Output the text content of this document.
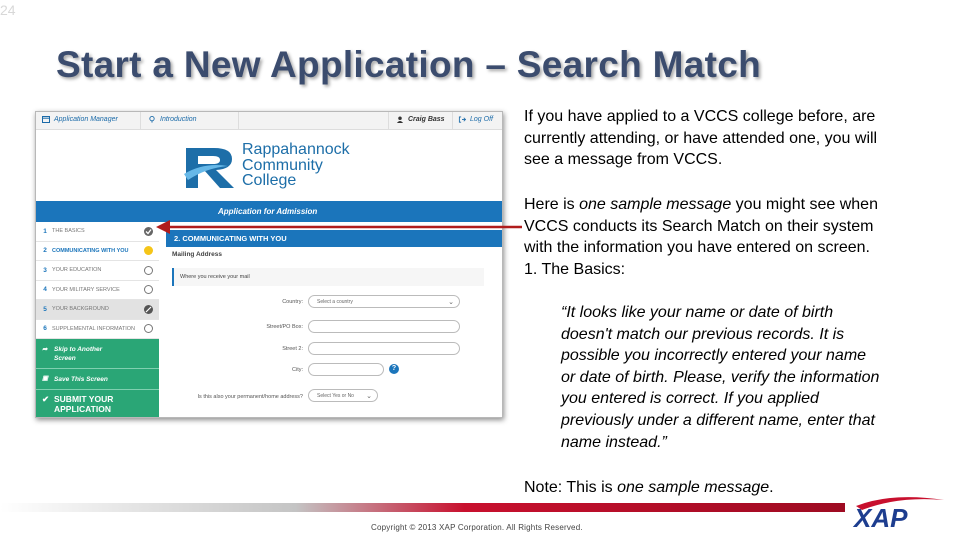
24
Start a New Application – Search Match
Application Manager	Introduction	Craig Bass	Log Off
Rappahannock
Community
College
Application for Admission
1 THE BASICS
2 COMMUNICATING WITH YOU
3 YOUR EDUCATION
4 YOUR MILITARY SERVICE
5 YOUR BACKGROUND
6 SUPPLEMENTAL INFORMATION
➦ Skip to Another
Screen
▣ Save This Screen
✔ SUBMIT YOUR
APPLICATION
2. COMMUNICATING WITH YOU
Mailing Address
Where you receive your mail
Country:	Select a country	⌄
Street/PO Box:
Street 2:
City:	?
Is this also your permanent/home address?	Select Yes or No ⌄
If you have applied to a VCCS college before, are
currently attending, or have attended one, you will
see a message from VCCS.
Here is one sample message you might see when
VCCS conducts its Search Match on their system
with the information you have entered on screen.
1. The Basics:
“It looks like your name or date of birth
doesn't match our previous records. It is
possible you incorrectly entered your name
or date of birth. Please, verify the information
you entered is correct. If you applied
previously under a different name, enter that
name instead.”
Note: This is one sample message.
Copyright © 2013 XAP Corporation. All Rights Reserved.	XAP
